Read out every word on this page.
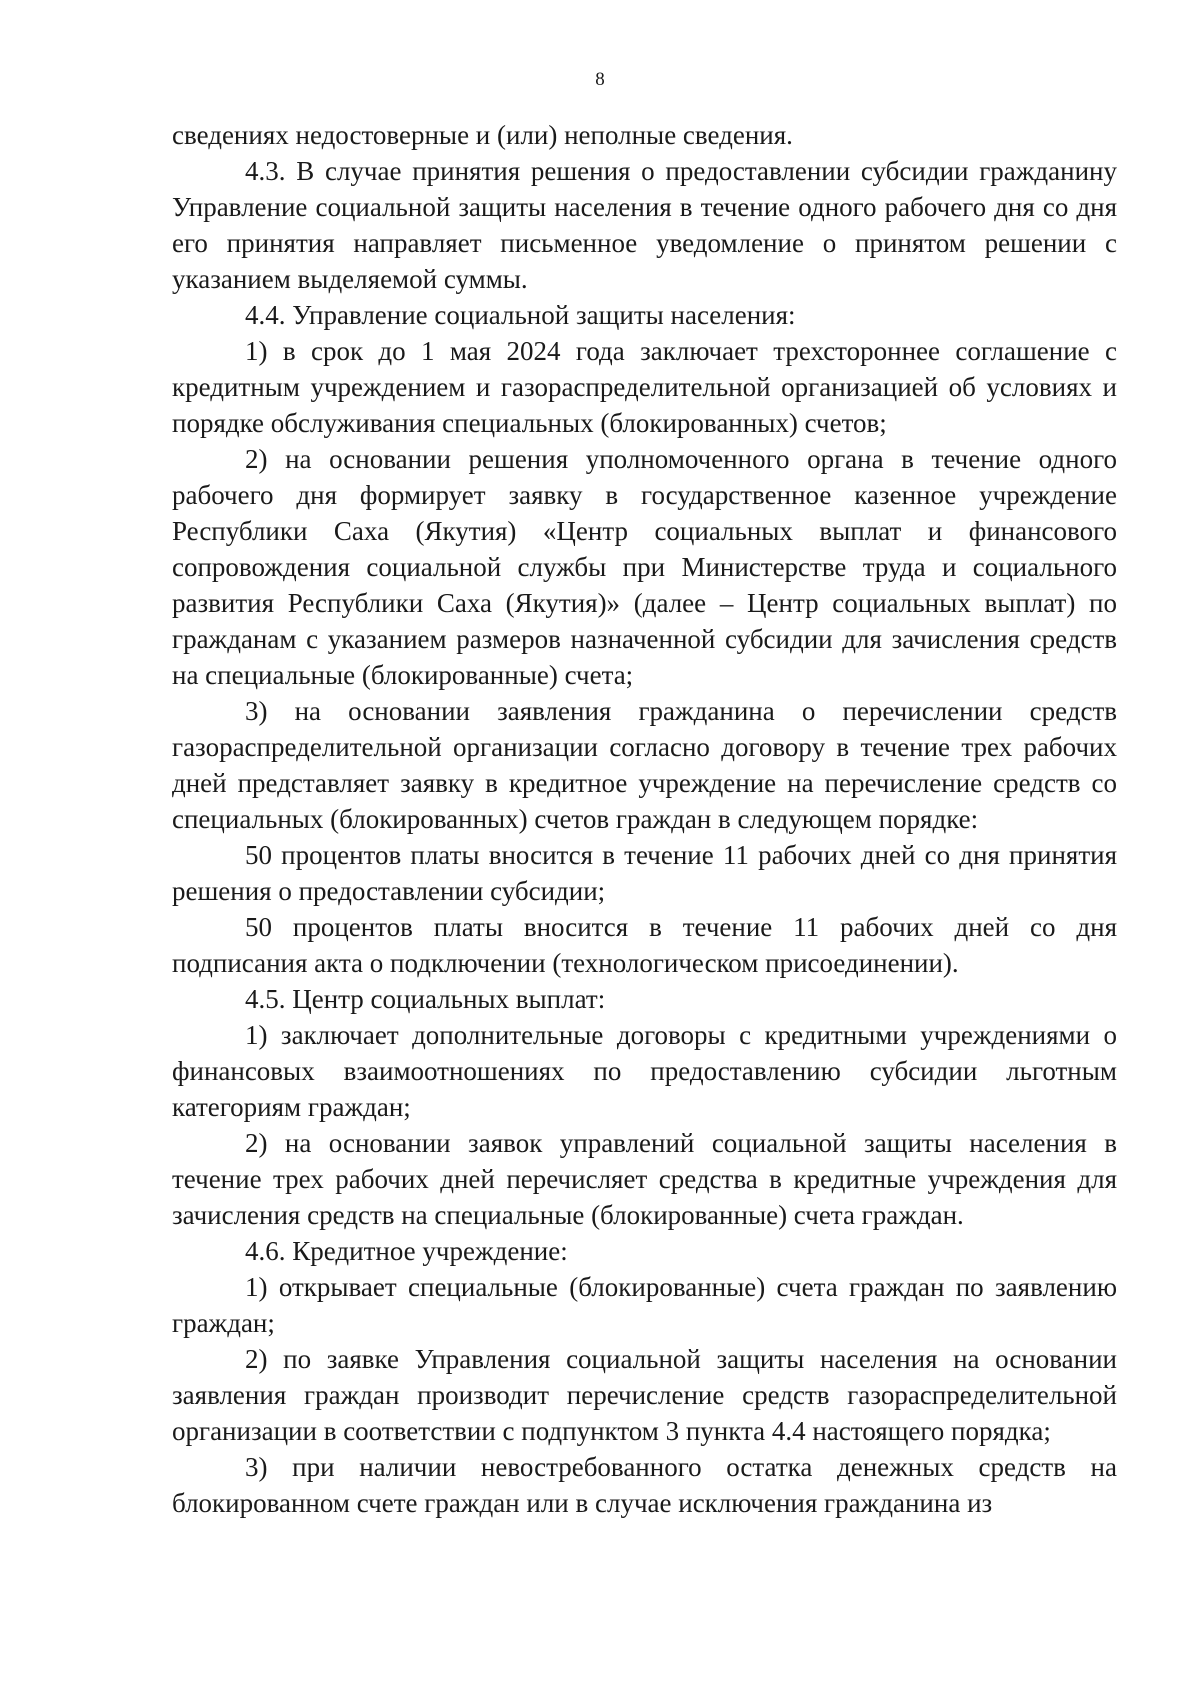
8

сведениях недостоверные и (или) неполные сведения.

4.3. В случае принятия решения о предоставлении субсидии гражданину Управление социальной защиты населения в течение одного рабочего дня со дня его принятия направляет письменное уведомление о принятом решении с указанием выделяемой суммы.

4.4. Управление социальной защиты населения:

1) в срок до 1 мая 2024 года заключает трехстороннее соглашение с кредитным учреждением и газораспределительной организацией об условиях и порядке обслуживания специальных (блокированных) счетов;

2) на основании решения уполномоченного органа в течение одного рабочего дня формирует заявку в государственное казенное учреждение Республики Саха (Якутия) «Центр социальных выплат и финансового сопровождения социальной службы при Министерстве труда и социального развития Республики Саха (Якутия)» (далее – Центр социальных выплат) по гражданам с указанием размеров назначенной субсидии для зачисления средств на специальные (блокированные) счета;

3) на основании заявления гражданина о перечислении средств газораспределительной организации согласно договору в течение трех рабочих дней представляет заявку в кредитное учреждение на перечисление средств со специальных (блокированных) счетов граждан в следующем порядке:

50 процентов платы вносится в течение 11 рабочих дней со дня принятия решения о предоставлении субсидии;

50 процентов платы вносится в течение 11 рабочих дней со дня подписания акта о подключении (технологическом присоединении).

4.5. Центр социальных выплат:

1) заключает дополнительные договоры с кредитными учреждениями о финансовых взаимоотношениях по предоставлению субсидии льготным категориям граждан;

2) на основании заявок управлений социальной защиты населения в течение трех рабочих дней перечисляет средства в кредитные учреждения для зачисления средств на специальные (блокированные) счета граждан.

4.6. Кредитное учреждение:

1) открывает специальные (блокированные) счета граждан по заявлению граждан;

2) по заявке Управления социальной защиты населения на основании заявления граждан производит перечисление средств газораспределительной организации в соответствии с подпунктом 3 пункта 4.4 настоящего порядка;

3) при наличии невостребованного остатка денежных средств на блокированном счете граждан или в случае исключения гражданина из
